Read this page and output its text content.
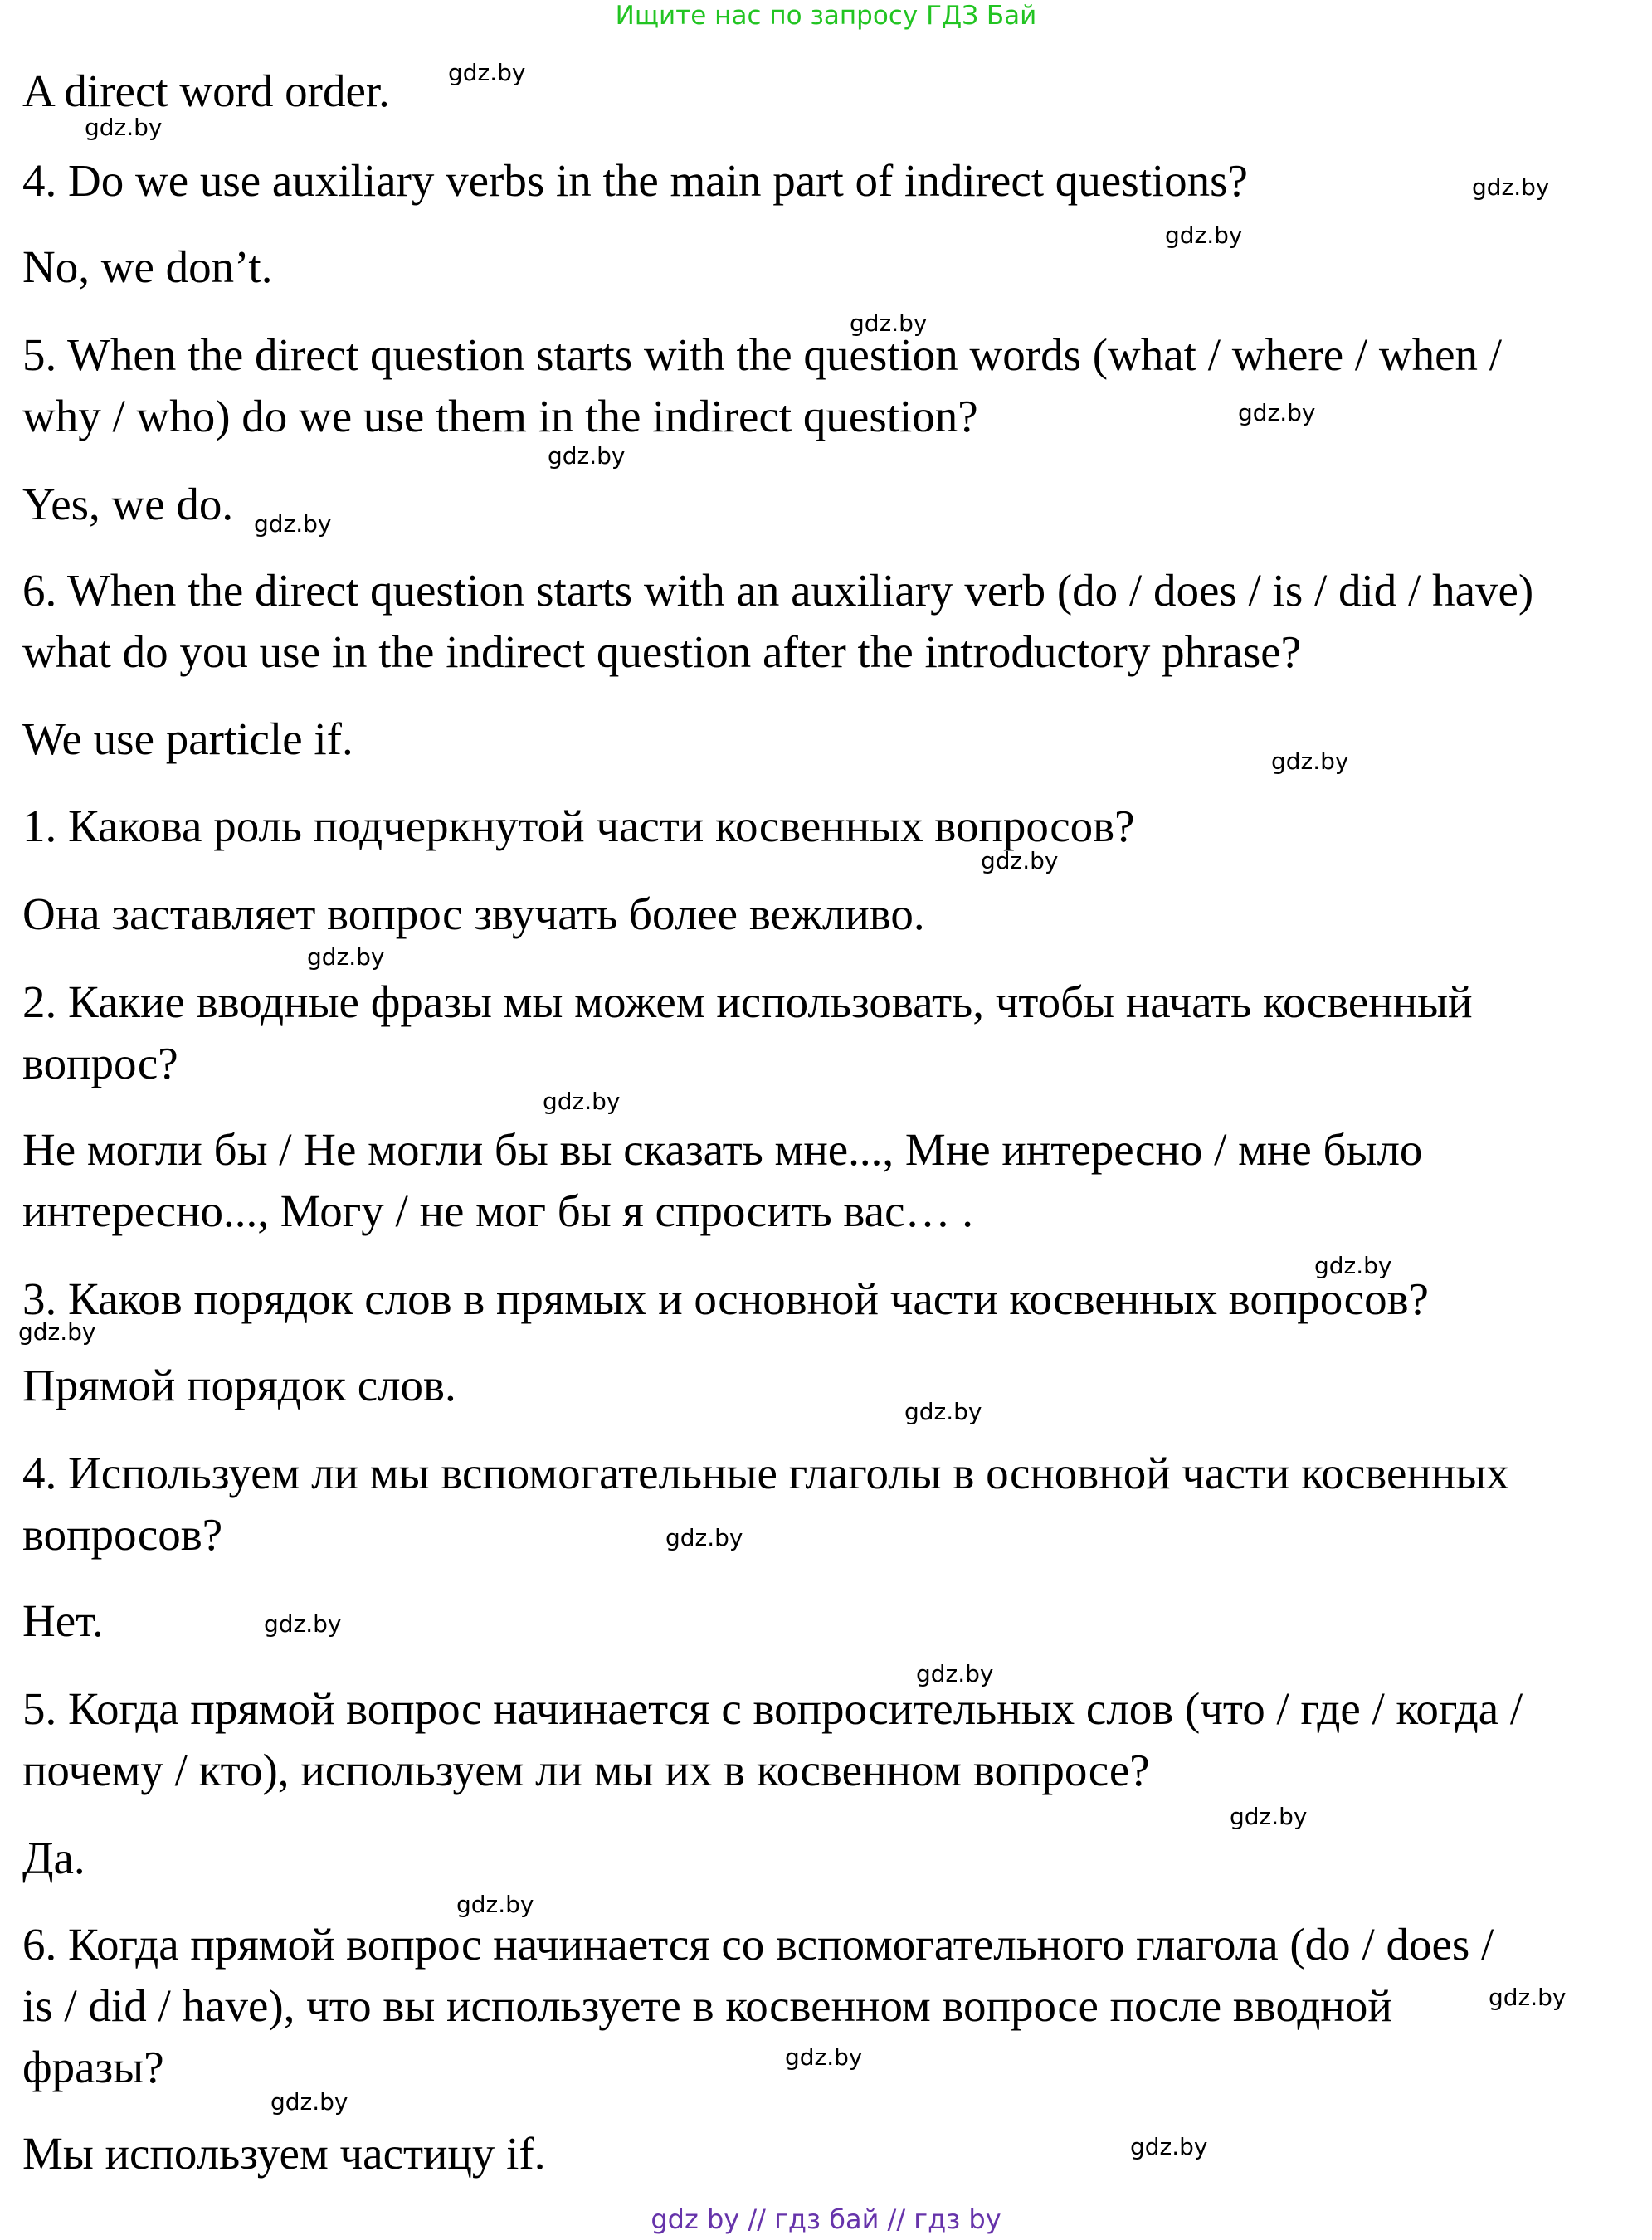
Ищите нас по запросу ГДЗ Бай

A direct word order.

4. Do we use auxiliary verbs in the main part of indirect questions?

No, we don’t.

5. When the direct question starts with the question words (what / where / when /

why / who) do we use them in the indirect question?

Yes, we do.

6. When the direct question starts with an auxiliary verb (do / does / is / did / have)

what do you use in the indirect question after the introductory phrase?

We use particle if.

1. Какова роль подчеркнутой части косвенных вопросов?

Она заставляет вопрос звучать более вежливо.

2. Какие вводные фразы мы можем использовать, чтобы начать косвенный

вопрос?

Не могли бы / Не могли бы вы сказать мне..., Мне интересно / мне было

интересно..., Могу / не мог бы я спросить вас… .

3. Каков порядок слов в прямых и основной части косвенных вопросов?

Прямой порядок слов.

4. Используем ли мы вспомогательные глаголы в основной части косвенных

вопросов?

Нет.

5. Когда прямой вопрос начинается с вопросительных слов (что / где / когда /

почему / кто), используем ли мы их в косвенном вопросе?

Да.

6. Когда прямой вопрос начинается со вспомогательного глагола (do / does /

is / did / have), что вы используете в косвенном вопросе после вводной

фразы?

Мы используем частицу if.

gdz.by
gdz.by
gdz.by
gdz.by
gdz.by
gdz.by
gdz.by
gdz.by
gdz.by
gdz.by
gdz.by
gdz.by
gdz.by
gdz.by
gdz.by
gdz.by
gdz.by
gdz.by
gdz.by
gdz.by
gdz.by
gdz.by
gdz.by
gdz.by
gdz by // гдз бай // гдз by
